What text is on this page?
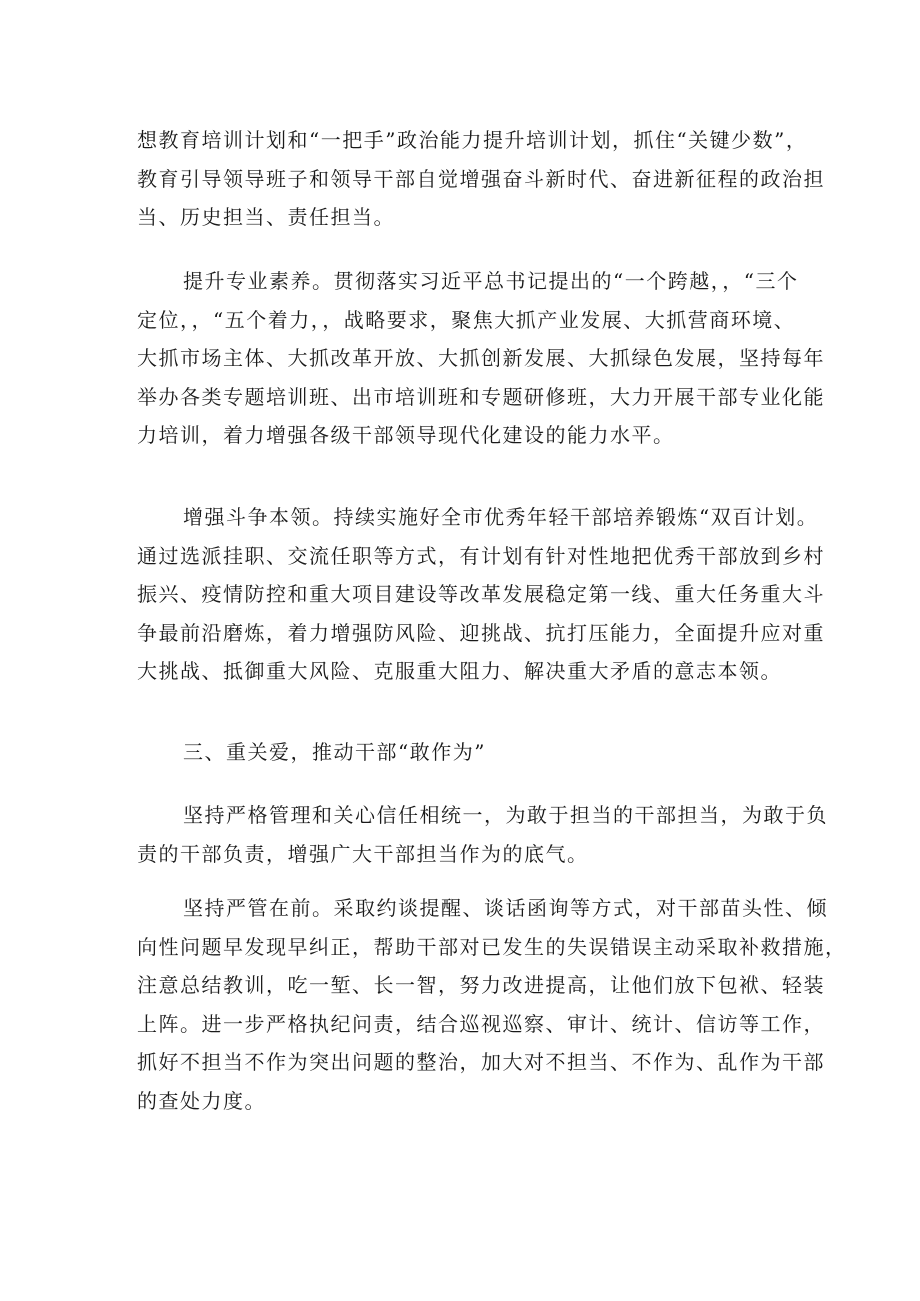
想教育培训计划和“一把手”政治能力提升培训计划，抓住“关键少数”，
教育引导领导班子和领导干部自觉增强奋斗新时代、奋进新征程的政治担
当、历史担当、责任担当。
提升专业素养。贯彻落实习近平总书记提出的“一个跨越，，“三个
定位，，“五个着力，，战略要求，聚焦大抓产业发展、大抓营商环境、
大抓市场主体、大抓改革开放、大抓创新发展、大抓绿色发展，坚持每年
举办各类专题培训班、出市培训班和专题研修班，大力开展干部专业化能
力培训，着力增强各级干部领导现代化建设的能力水平。
增强斗争本领。持续实施好全市优秀年轻干部培养锻炼“双百计划。
通过选派挂职、交流任职等方式，有计划有针对性地把优秀干部放到乡村
振兴、疫情防控和重大项目建设等改革发展稳定第一线、重大任务重大斗
争最前沿磨炼，着力增强防风险、迎挑战、抗打压能力，全面提升应对重
大挑战、抵御重大风险、克服重大阻力、解决重大矛盾的意志本领。
三、重关爱，推动干部“敢作为”
坚持严格管理和关心信任相统一，为敢于担当的干部担当，为敢于负
责的干部负责，增强广大干部担当作为的底气。
坚持严管在前。采取约谈提醒、谈话函询等方式，对干部苗头性、倾
向性问题早发现早纠正，帮助干部对已发生的失误错误主动采取补救措施，
注意总结教训，吃一堑、长一智，努力改进提高，让他们放下包袱、轻装
上阵。进一步严格执纪问责，结合巡视巡察、审计、统计、信访等工作，
抓好不担当不作为突出问题的整治，加大对不担当、不作为、乱作为干部
的查处力度。
